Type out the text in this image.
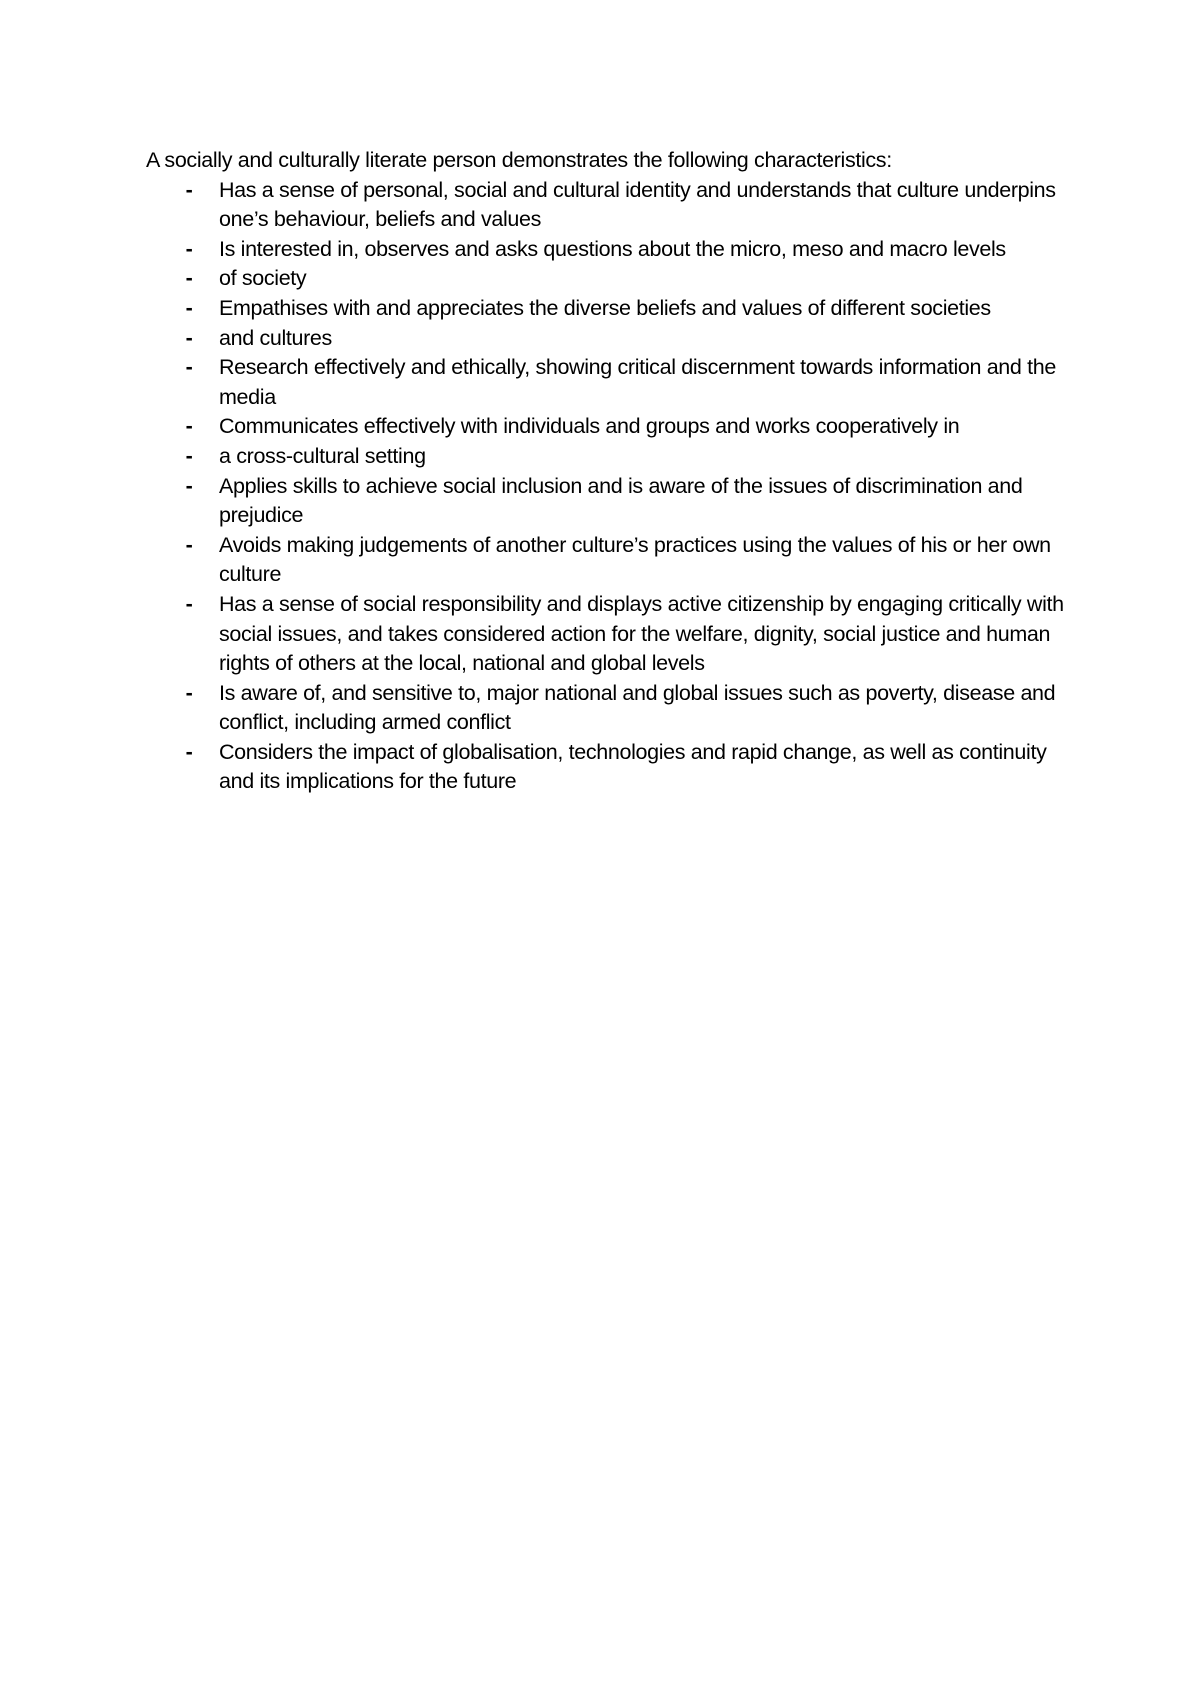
A socially and culturally literate person demonstrates the following characteristics:

- Has a sense of personal, social and cultural identity and understands that culture underpins one’s behaviour, beliefs and values
- Is interested in, observes and asks questions about the micro, meso and macro levels
- of society
- Empathises with and appreciates the diverse beliefs and values of different societies
- and cultures
- Research effectively and ethically, showing critical discernment towards information and the media
- Communicates effectively with individuals and groups and works cooperatively in
- a cross-cultural setting
- Applies skills to achieve social inclusion and is aware of the issues of discrimination and prejudice
- Avoids making judgements of another culture’s practices using the values of his or her own culture
- Has a sense of social responsibility and displays active citizenship by engaging critically with social issues, and takes considered action for the welfare, dignity, social justice and human rights of others at the local, national and global levels
- Is aware of, and sensitive to, major national and global issues such as poverty, disease and conflict, including armed conflict
- Considers the impact of globalisation, technologies and rapid change, as well as continuity and its implications for the future
